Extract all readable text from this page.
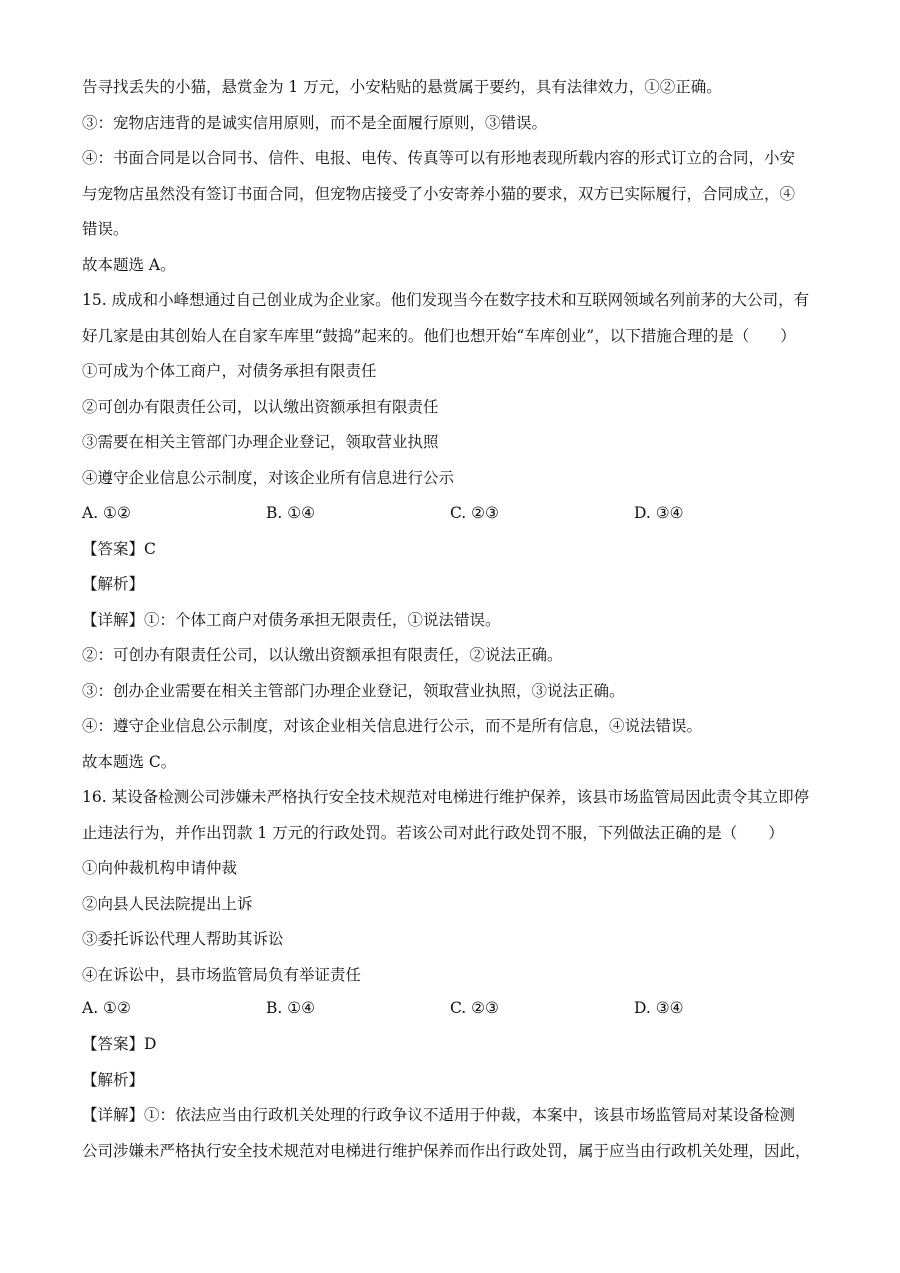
告寻找丢失的小猫，悬赏金为 1 万元，小安粘贴的悬赏属于要约，具有法律效力，①②正确。
③：宠物店违背的是诚实信用原则，而不是全面履行原则，③错误。
④：书面合同是以合同书、信件、电报、电传、传真等可以有形地表现所载内容的形式订立的合同，小安
与宠物店虽然没有签订书面合同，但宠物店接受了小安寄养小猫的要求，双方已实际履行，合同成立，④
错误。
故本题选 A。
15. 成成和小峰想通过自己创业成为企业家。他们发现当今在数字技术和互联网领域名列前茅的大公司，有
好几家是由其创始人在自家车库里“鼓捣”起来的。他们也想开始“车库创业”，以下措施合理的是（　　）
①可成为个体工商户，对债务承担有限责任
②可创办有限责任公司，以认缴出资额承担有限责任
③需要在相关主管部门办理企业登记，领取营业执照
④遵守企业信息公示制度，对该企业所有信息进行公示
A. ①②	B. ①④	C. ②③	D. ③④
【答案】C
【解析】
【详解】①：个体工商户对债务承担无限责任，①说法错误。
②：可创办有限责任公司，以认缴出资额承担有限责任，②说法正确。
③：创办企业需要在相关主管部门办理企业登记，领取营业执照，③说法正确。
④：遵守企业信息公示制度，对该企业相关信息进行公示，而不是所有信息，④说法错误。
故本题选 C。
16. 某设备检测公司涉嫌未严格执行安全技术规范对电梯进行维护保养，该县市场监管局因此责令其立即停
止违法行为，并作出罚款 1 万元的行政处罚。若该公司对此行政处罚不服，下列做法正确的是（　　）
①向仲裁机构申请仲裁
②向县人民法院提出上诉
③委托诉讼代理人帮助其诉讼
④在诉讼中，县市场监管局负有举证责任
A. ①②	B. ①④	C. ②③	D. ③④
【答案】D
【解析】
【详解】①：依法应当由行政机关处理的行政争议不适用于仲裁，本案中，该县市场监管局对某设备检测
公司涉嫌未严格执行安全技术规范对电梯进行维护保养而作出行政处罚，属于应当由行政机关处理，因此，
